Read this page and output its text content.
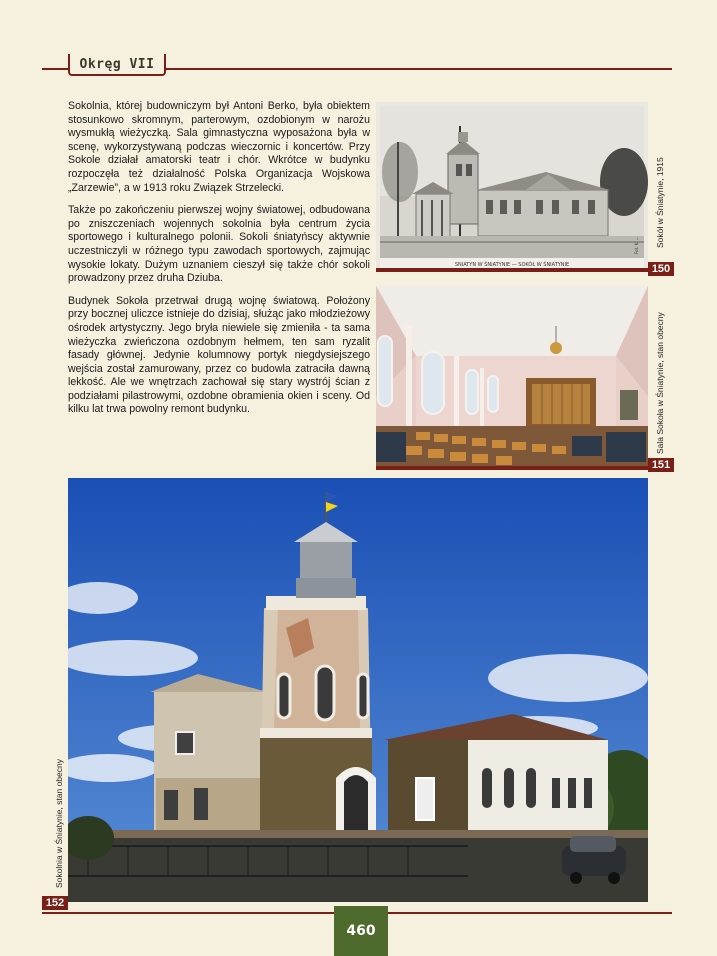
Okręg VII

Sokolnia, której budowniczym był Antoni Berko, była obiektem stosunkowo skromnym, parterowym, ozdobionym w narożu wysmukłą wieżyczką. Sala gimnastyczna wyposażona była w scenę, wykorzystywaną podczas wieczornic i koncertów. Przy Sokole działał amatorski teatr i chór. Wkrótce w budynku rozpoczęła też działalność Polska Organizacja Wojskowa „Zarzewie”, a w 1913 roku Związek Strzelecki.

Także po zakończeniu pierwszej wojny światowej, odbudowana po zniszczeniach wojennych sokolnia była centrum życia sportowego i kulturalnego polonii. Sokoli śniatyńscy aktywnie uczestniczyli w różnego typu zawodach sportowych, zajmując wysokie lokaty. Dużym uznaniem cieszył się także chór sokoli prowadzony przez druha Dziuba.

Budynek Sokoła przetrwał drugą wojnę światową. Położony przy bocznej uliczce istnieje do dzisiaj, służąc jako młodzieżowy ośrodek artystyczny. Jego bryła niewiele się zmieniła - ta sama wieżyczka zwieńczona ozdobnym hełmem, ten sam ryzalit fasady głównej. Jedynie kolumnowy portyk niegdysiejszego wejścia został zamurowany, przez co budowla zatraciła dawną lekkość. Ale we wnętrzach zachował się stary wystrój ścian z podziałami pilastrowymi, ozdobne obramienia okien i sceny. Od kilku lat trwa powolny remont budynku.

SNIATYN W ŚNIATYNIE — SOKÓŁ W ŚNIATYNIE
Fot. K. ...
150
Sokół w Śniatynie, 1915
151
Sala Sokoła w Śniatynie, stan obecny
Sokolnia w Śniatynie, stan obecny
152
460
